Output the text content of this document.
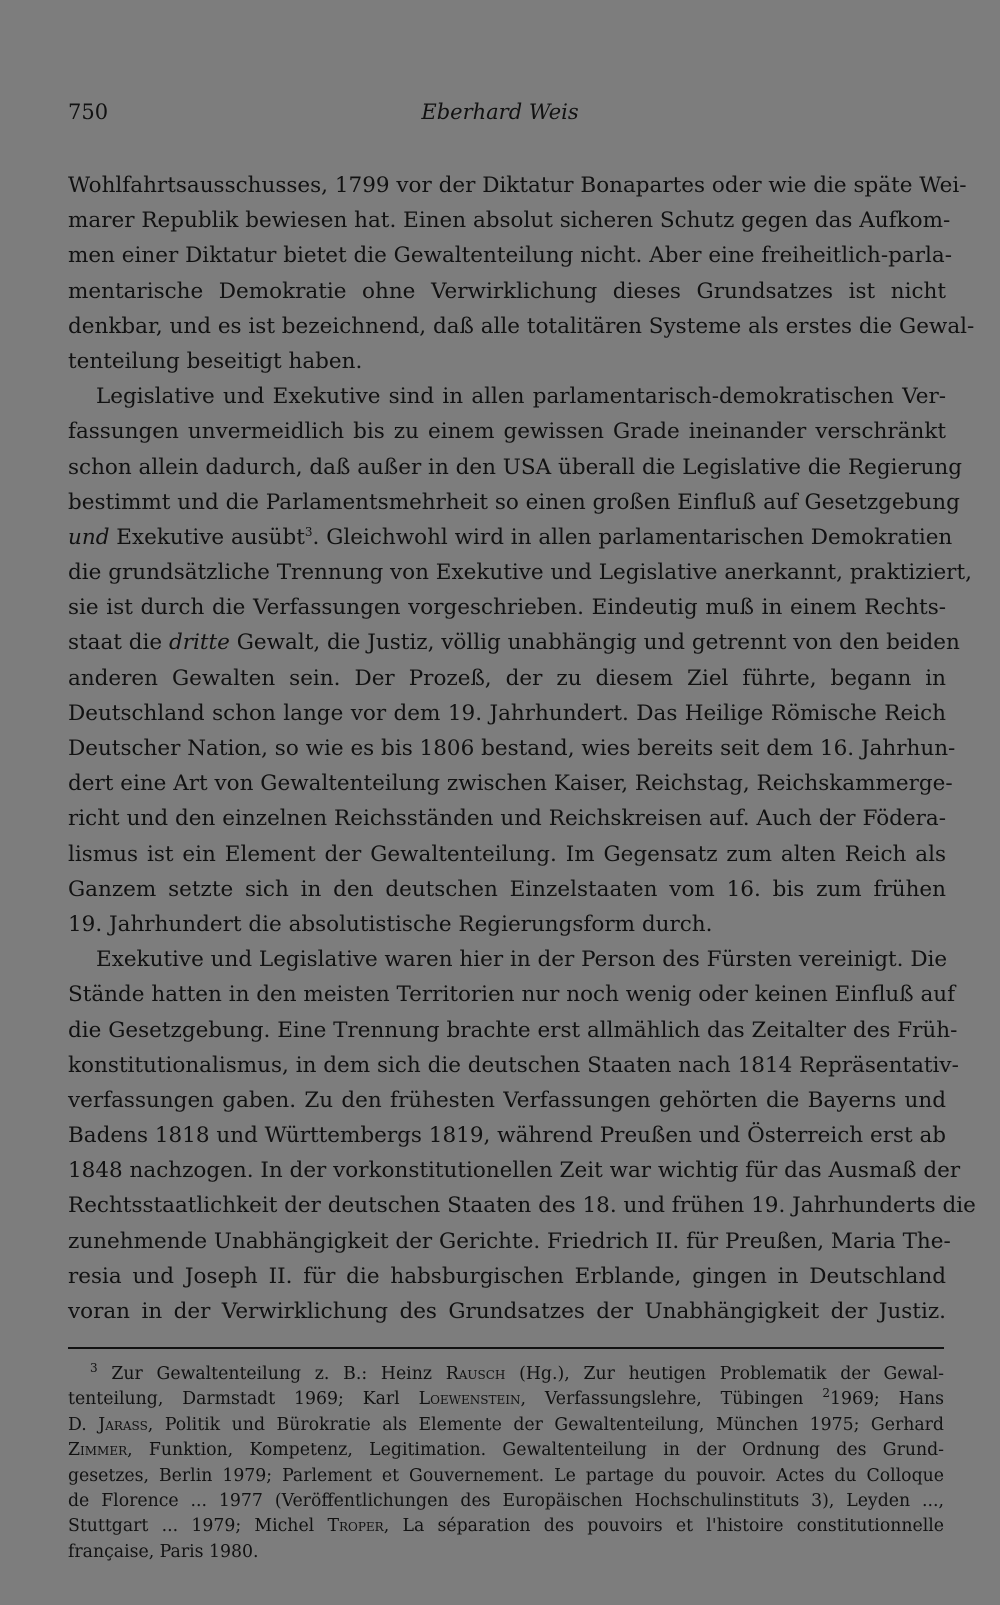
750	Eberhard Weis
Wohlfahrtsausschusses, 1799 vor der Diktatur Bonapartes oder wie die späte Wei-
marer Republik bewiesen hat. Einen absolut sicheren Schutz gegen das Aufkom-
men einer Diktatur bietet die Gewaltenteilung nicht. Aber eine freiheitlich-parla-
mentarische Demokratie ohne Verwirklichung dieses Grundsatzes ist nicht
denkbar, und es ist bezeichnend, daß alle totalitären Systeme als erstes die Gewal-
tenteilung beseitigt haben.
Legislative und Exekutive sind in allen parlamentarisch-demokratischen Ver-
fassungen unvermeidlich bis zu einem gewissen Grade ineinander verschränkt
schon allein dadurch, daß außer in den USA überall die Legislative die Regierung
bestimmt und die Parlamentsmehrheit so einen großen Einfluß auf Gesetzgebung
und Exekutive ausübt$^3$. Gleichwohl wird in allen parlamentarischen Demokratien
die grundsätzliche Trennung von Exekutive und Legislative anerkannt, praktiziert,
sie ist durch die Verfassungen vorgeschrieben. Eindeutig muß in einem Rechts-
staat die dritte Gewalt, die Justiz, völlig unabhängig und getrennt von den beiden
anderen Gewalten sein. Der Prozeß, der zu diesem Ziel führte, begann in
Deutschland schon lange vor dem 19. Jahrhundert. Das Heilige Römische Reich
Deutscher Nation, so wie es bis 1806 bestand, wies bereits seit dem 16. Jahrhun-
dert eine Art von Gewaltenteilung zwischen Kaiser, Reichstag, Reichskammerge-
richt und den einzelnen Reichsständen und Reichskreisen auf. Auch der Födera-
lismus ist ein Element der Gewaltenteilung. Im Gegensatz zum alten Reich als
Ganzem setzte sich in den deutschen Einzelstaaten vom 16. bis zum frühen
19. Jahrhundert die absolutistische Regierungsform durch.
Exekutive und Legislative waren hier in der Person des Fürsten vereinigt. Die
Stände hatten in den meisten Territorien nur noch wenig oder keinen Einfluß auf
die Gesetzgebung. Eine Trennung brachte erst allmählich das Zeitalter des Früh-
konstitutionalismus, in dem sich die deutschen Staaten nach 1814 Repräsentativ-
verfassungen gaben. Zu den frühesten Verfassungen gehörten die Bayerns und
Badens 1818 und Württembergs 1819, während Preußen und Österreich erst ab
1848 nachzogen. In der vorkonstitutionellen Zeit war wichtig für das Ausmaß der
Rechtsstaatlichkeit der deutschen Staaten des 18. und frühen 19. Jahrhunderts die
zunehmende Unabhängigkeit der Gerichte. Friedrich II. für Preußen, Maria The-
resia und Joseph II. für die habsburgischen Erblande, gingen in Deutschland
voran in der Verwirklichung des Grundsatzes der Unabhängigkeit der Justiz.
$^3$ Zur Gewaltenteilung z. B.: Heinz Rausch (Hg.), Zur heutigen Problematik der Gewal-
tenteilung, Darmstadt 1969; Karl Loewenstein, Verfassungslehre, Tübingen $^2$1969; Hans
D. Jarass, Politik und Bürokratie als Elemente der Gewaltenteilung, München 1975; Gerhard
Zimmer, Funktion, Kompetenz, Legitimation. Gewaltenteilung in der Ordnung des Grund-
gesetzes, Berlin 1979; Parlement et Gouvernement. Le partage du pouvoir. Actes du Colloque
de Florence ... 1977 (Veröffentlichungen des Europäischen Hochschulinstituts 3), Leyden ...,
Stuttgart ... 1979; Michel Troper, La séparation des pouvoirs et l'histoire constitutionnelle
française, Paris 1980.
